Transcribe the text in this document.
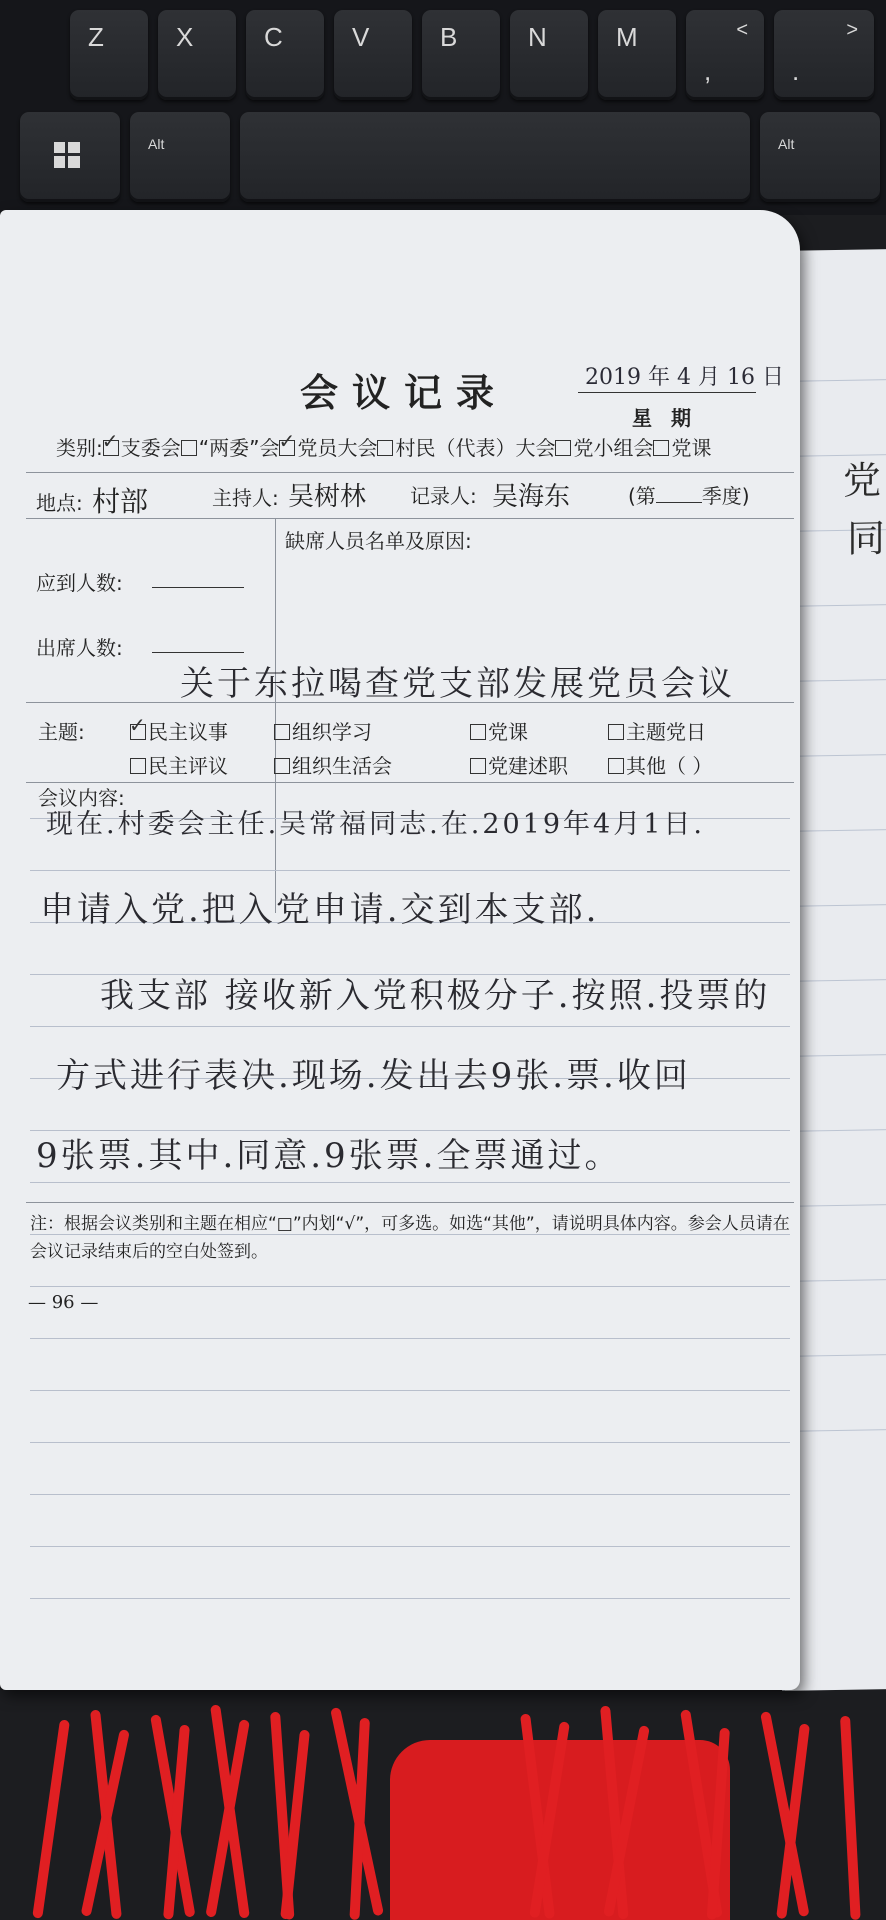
Z	X	C	V	B	N	M	<
,
>
.
Alt	Alt
党
同
会议记录	2019 年 4 月 16 日
星 期
类别: ✓ 支委会 “两委”会 ✓ 党员大会 村民（代表）大会 党小组会 党课
地点: 村部	主持人: 吴树林 记录人: 吴海东	(第 季度)
缺席人员名单及原因:
应到人数:
出席人数:
主题: ✓	民主议事	组织学习	党课	主题党日
民主评议	组织生活会	党建述职	其他（ ）
会议内容:
关于东拉喝查党支部发展党员会议
现在.村委会主任.吴常福同志.在.2019年4月1日.
申请入党.把入党申请.交到本支部.
我支部 接收新入党积极分子.按照.投票的
方式进行表决.现场.发出去9张.票.收回
9张票.其中.同意.9张票.全票通过。
注：根据会议类别和主题在相应“□”内划“√”，可多选。如选“其他”，请说明具体内容。参会人员请在会议记录结束后的空白处签到。
— 96 —
